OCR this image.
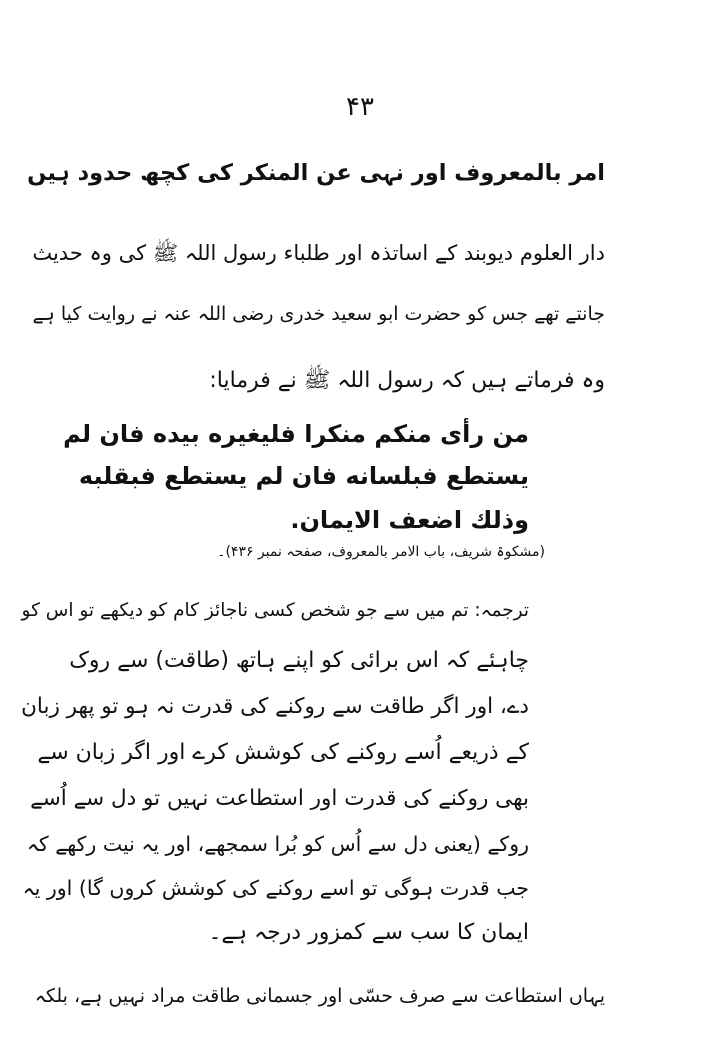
۴۳
امر بالمعروف اور نہی عن المنکر کی کچھ حدود ہیں
دار العلوم دیوبند کے اساتذہ اور طلباء رسول اللہ ﷺ کی وہ حدیث
جانتے تھے جس کو حضرت ابو سعید خدری رضی اللہ عنہ نے روایت کیا ہے
وہ فرماتے ہیں کہ رسول اللہ ﷺ نے فرمایا:
من رأى منكم منكرا فليغيره بيده فان لم
يستطع فبلسانه فان لم يستطع فبقلبه
وذلك اضعف الايمان.
(مشکوۃ شریف، باب الامر بالمعروف، صفحہ نمبر ۴۳۶)۔
ترجمہ: تم میں سے جو شخص کسی ناجائز کام کو دیکھے تو اس کو
چاہئے کہ اس برائی کو اپنے ہاتھ (طاقت) سے روک
دے، اور اگر طاقت سے روکنے کی قدرت نہ ہو تو پھر زبان
کے ذریعے اُسے روکنے کی کوشش کرے اور اگر زبان سے
بھی روکنے کی قدرت اور استطاعت نہیں تو دل سے اُسے
روکے (یعنی دل سے اُس کو بُرا سمجھے، اور یہ نیت رکھے کہ
جب قدرت ہوگی تو اسے روکنے کی کوشش کروں گا) اور یہ
ایمان کا سب سے کمزور درجہ ہے۔
یہاں استطاعت سے صرف حسّی اور جسمانی طاقت مراد نہیں ہے، بلکہ
